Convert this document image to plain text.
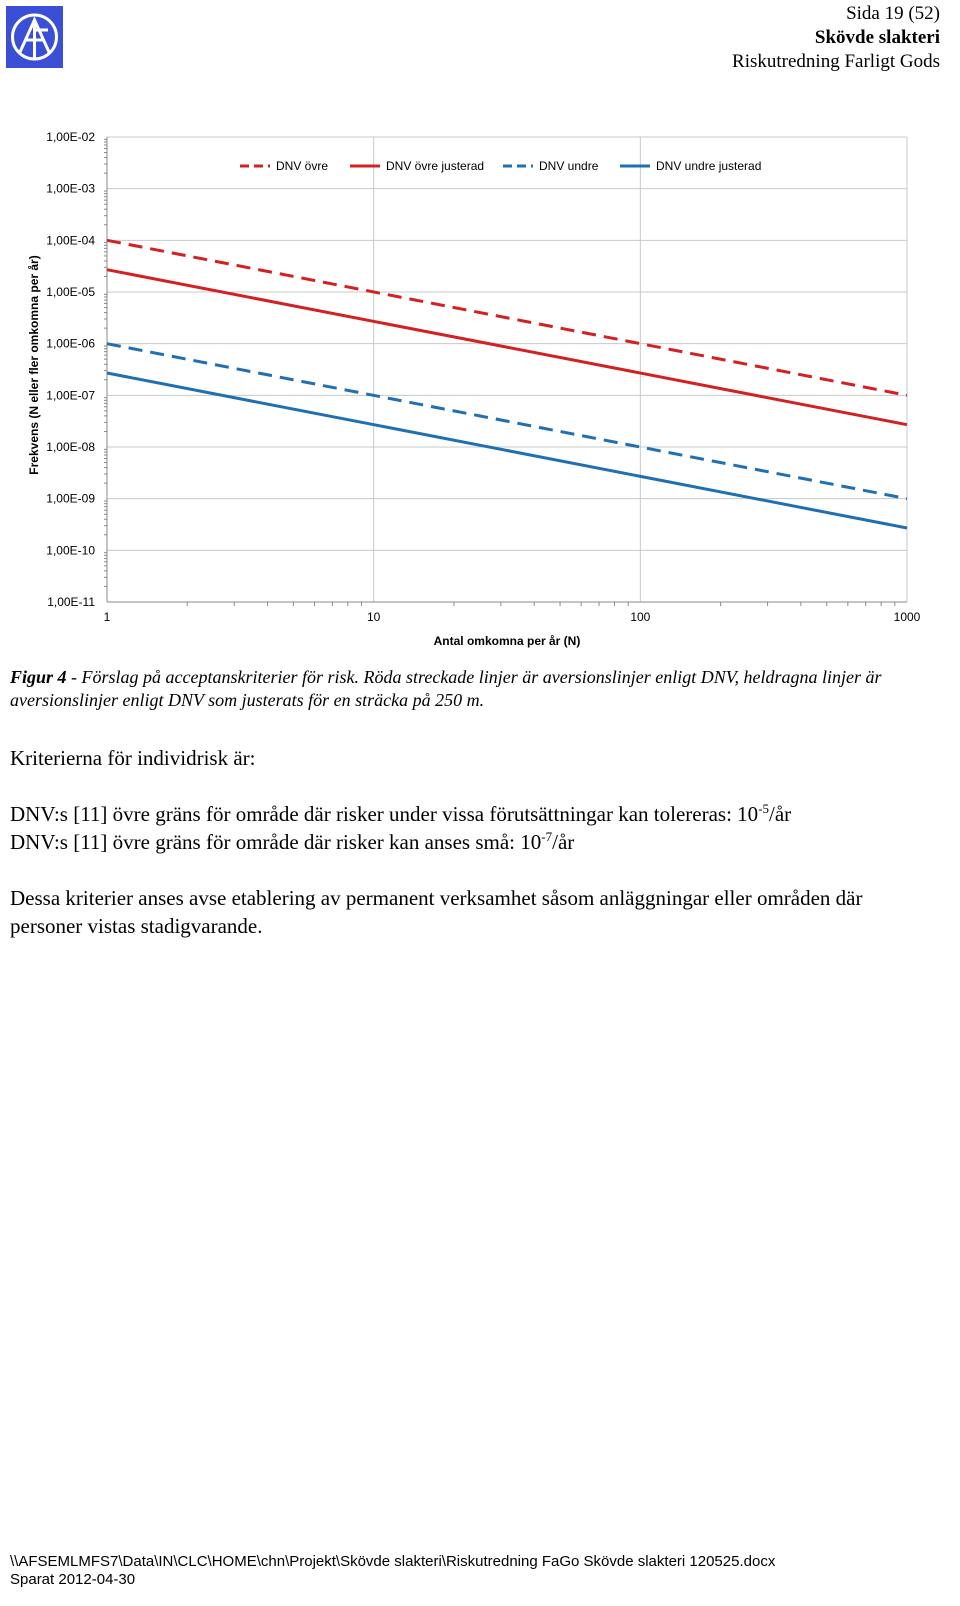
Sida 19 (52)
Skövde slakteri
Riskutredning Farligt Gods
1,00E-02
1,00E-03
1,00E-04
1,00E-05
1,00E-06
1,00E-07
1,00E-08
1,00E-09
1,00E-10
1,00E-11
1	10	100	1000
DNV övre	DNV övre justerad	DNV undre	DNV undre justerad
Frekvens (N eller fler omkomna per år)
Antal omkomna per år (N)
Figur 4 - Förslag på acceptanskriterier för risk. Röda streckade linjer är aversionslinjer enligt DNV, heldragna linjer är aversionslinjer enligt DNV som justerats för en sträcka på 250 m.

Kriterierna för individrisk är:

DNV:s [11] övre gräns för område där risker under vissa förutsättningar kan tolereras: $10^{-5}/år$

DNV:s [11] övre gräns för område där risker kan anses små: $10^{-7}/år$

Dessa kriterier anses avse etablering av permanent verksamhet såsom anläggningar eller områden där personer vistas stadigvarande.

\\AFSEMLMFS7\Data\IN\CLC\HOME\chn\Projekt\Skövde slakteri\Riskutredning FaGo Skövde slakteri 120525.docx
Sparat 2012-04-30
